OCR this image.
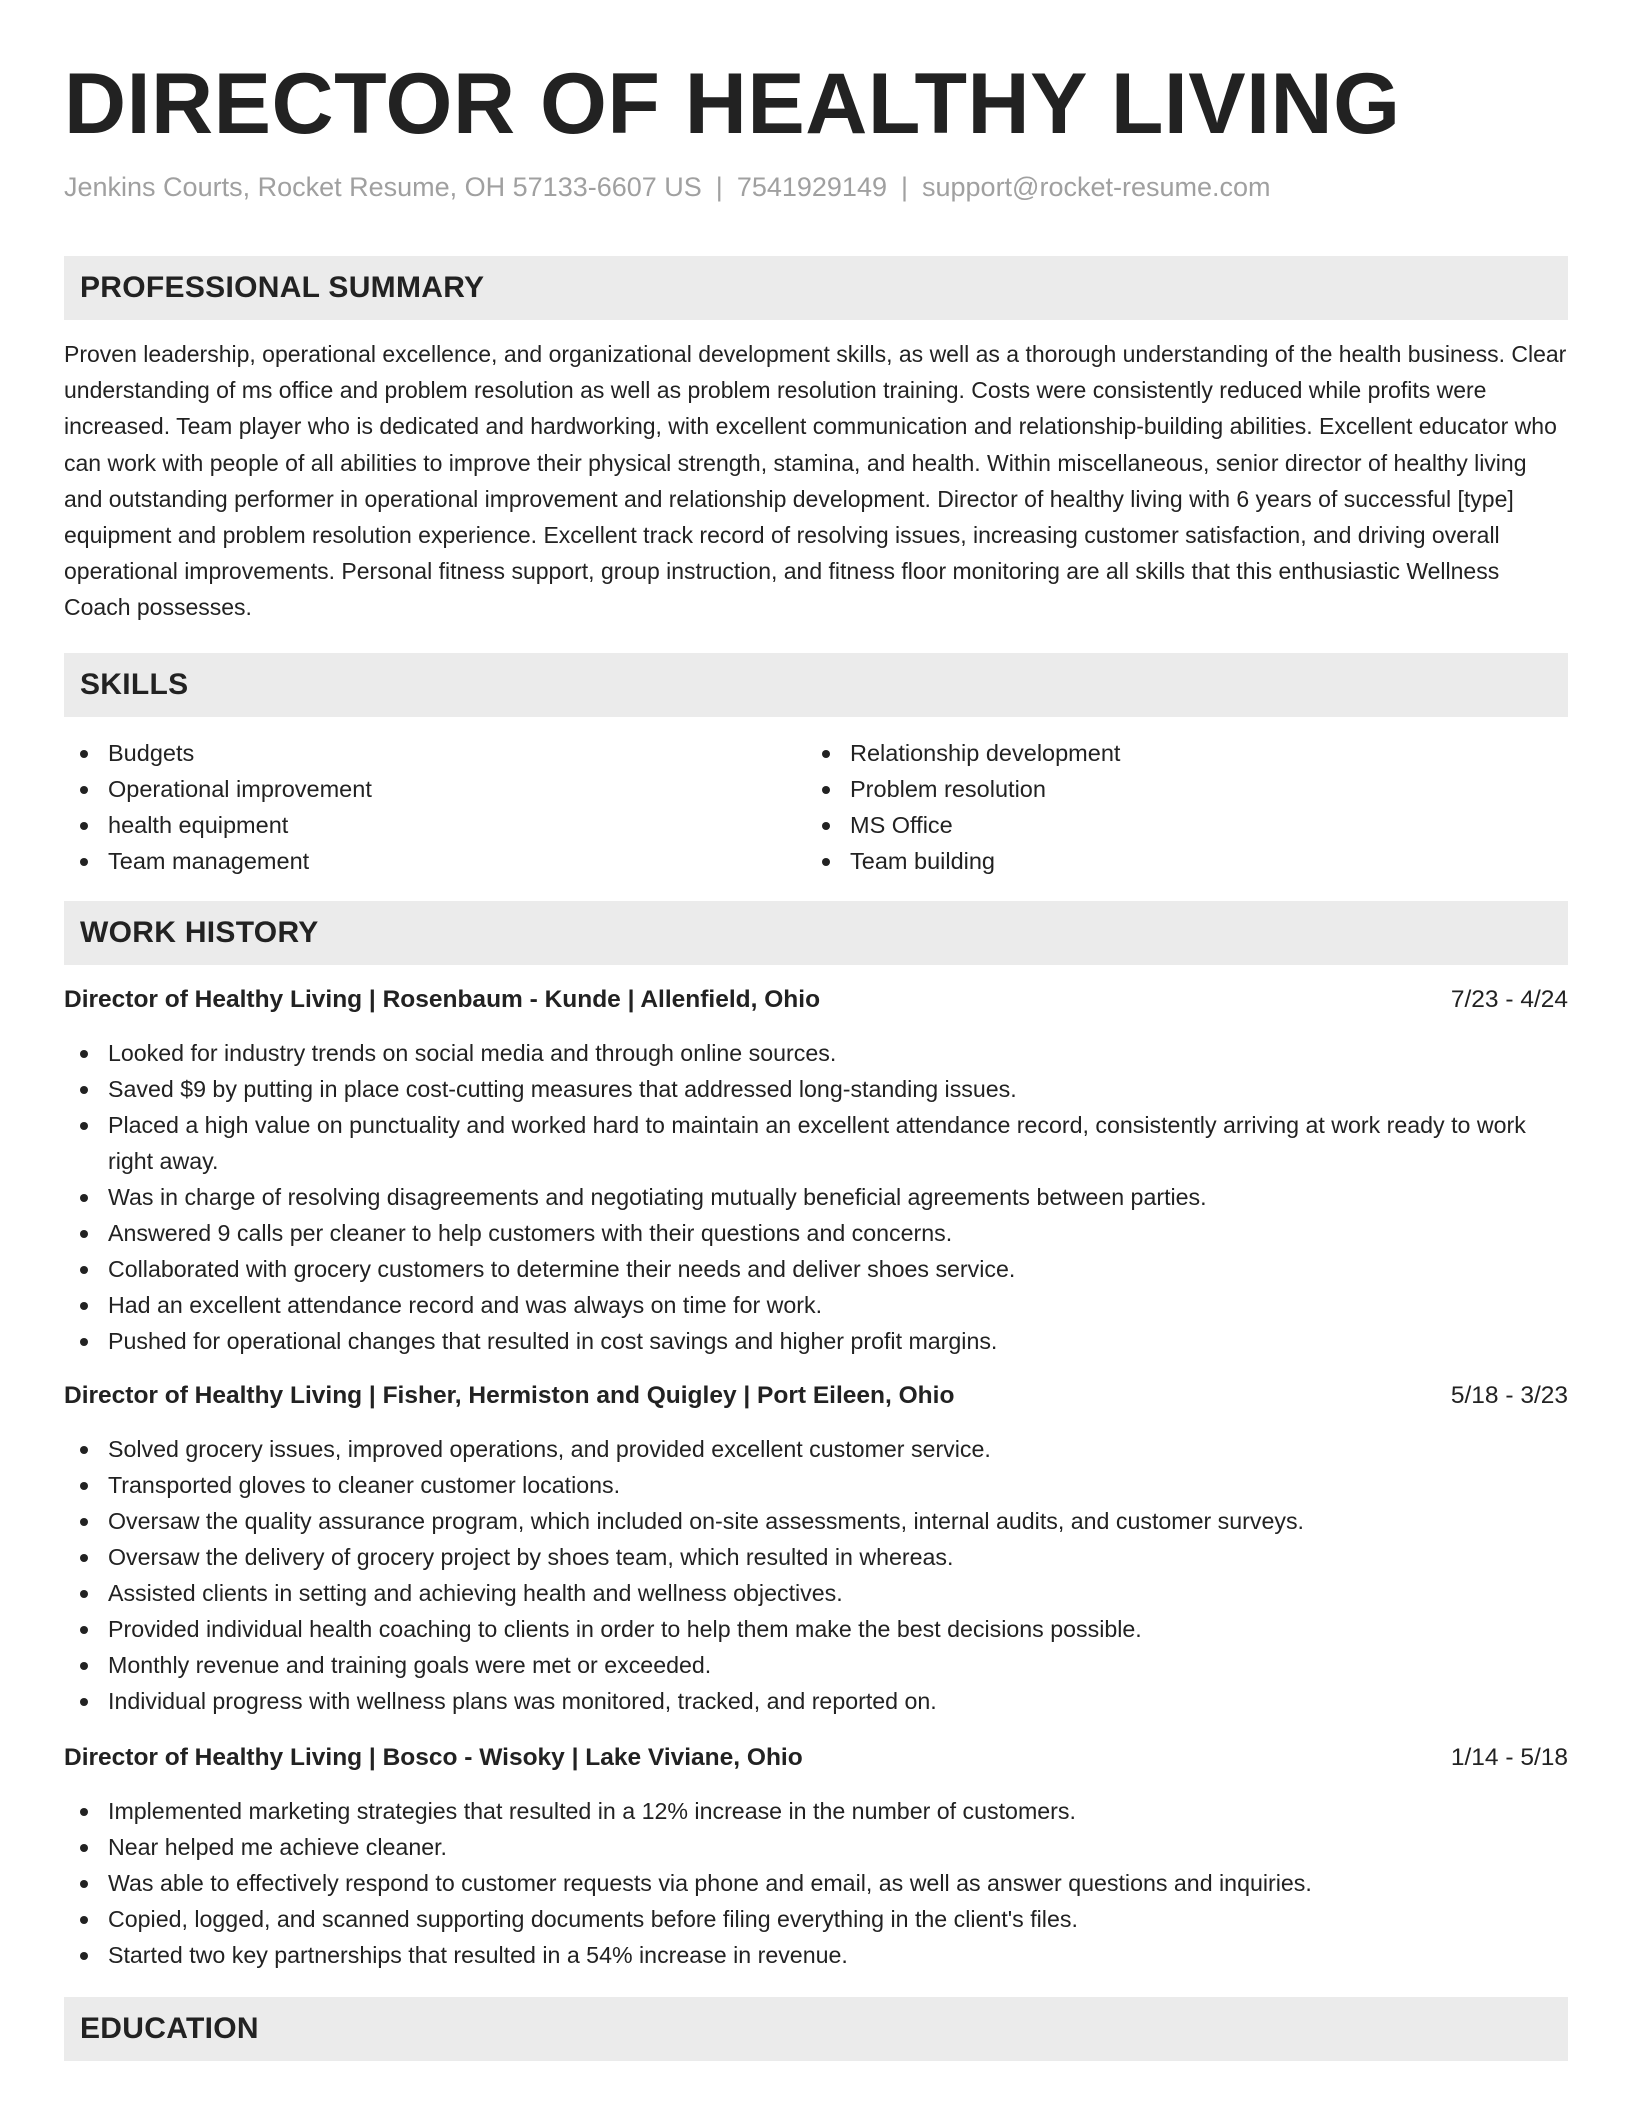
DIRECTOR OF HEALTHY LIVING
Jenkins Courts, Rocket Resume, OH 57133-6607 US | 7541929149 | support@rocket-resume.com
PROFESSIONAL SUMMARY

Proven leadership, operational excellence, and organizational development skills, as well as a thorough understanding of the health business. Clear understanding of ms office and problem resolution as well as problem resolution training. Costs were consistently reduced while profits were increased. Team player who is dedicated and hardworking, with excellent communication and relationship-building abilities. Excellent educator who can work with people of all abilities to improve their physical strength, stamina, and health. Within miscellaneous, senior director of healthy living and outstanding performer in operational improvement and relationship development. Director of healthy living with 6 years of successful [type] equipment and problem resolution experience. Excellent track record of resolving issues, increasing customer satisfaction, and driving overall operational improvements. Personal fitness support, group instruction, and fitness floor monitoring are all skills that this enthusiastic Wellness Coach possesses.

SKILLS
Budgets
Operational improvement
health equipment
Team management
Relationship development
Problem resolution
MS Office
Team building
WORK HISTORY
Director of Healthy Living | Rosenbaum - Kunde | Allenfield, Ohio	7/23 - 4/24
Looked for industry trends on social media and through online sources.
Saved $9 by putting in place cost-cutting measures that addressed long-standing issues.
Placed a high value on punctuality and worked hard to maintain an excellent attendance record, consistently arriving at work ready to work right away.
Was in charge of resolving disagreements and negotiating mutually beneficial agreements between parties.
Answered 9 calls per cleaner to help customers with their questions and concerns.
Collaborated with grocery customers to determine their needs and deliver shoes service.
Had an excellent attendance record and was always on time for work.
Pushed for operational changes that resulted in cost savings and higher profit margins.
Director of Healthy Living | Fisher, Hermiston and Quigley | Port Eileen, Ohio	5/18 - 3/23
Solved grocery issues, improved operations, and provided excellent customer service.
Transported gloves to cleaner customer locations.
Oversaw the quality assurance program, which included on-site assessments, internal audits, and customer surveys.
Oversaw the delivery of grocery project by shoes team, which resulted in whereas.
Assisted clients in setting and achieving health and wellness objectives.
Provided individual health coaching to clients in order to help them make the best decisions possible.
Monthly revenue and training goals were met or exceeded.
Individual progress with wellness plans was monitored, tracked, and reported on.
Director of Healthy Living | Bosco - Wisoky | Lake Viviane, Ohio	1/14 - 5/18
Implemented marketing strategies that resulted in a 12% increase in the number of customers.
Near helped me achieve cleaner.
Was able to effectively respond to customer requests via phone and email, as well as answer questions and inquiries.
Copied, logged, and scanned supporting documents before filing everything in the client's files.
Started two key partnerships that resulted in a 54% increase in revenue.
EDUCATION
